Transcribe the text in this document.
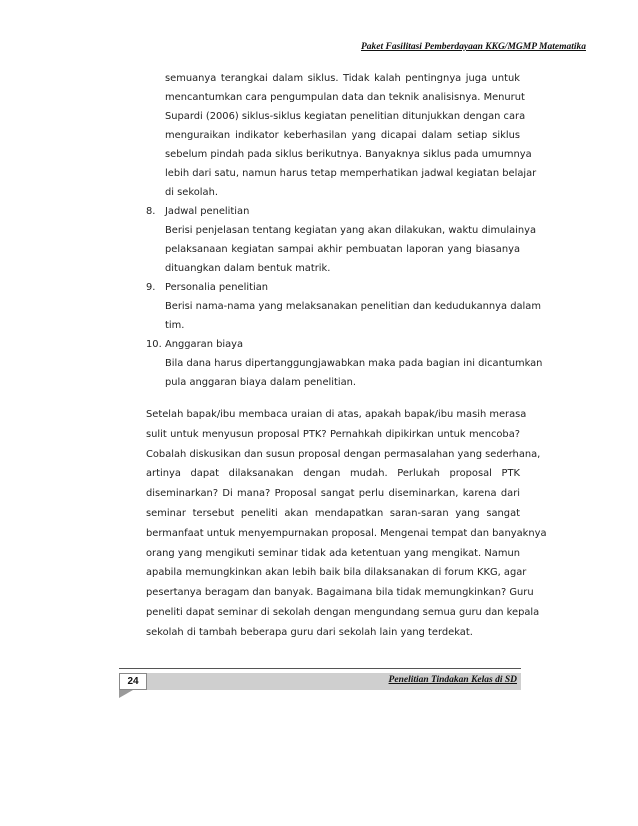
Paket Fasilitasi Pemberdayaan KKG/MGMP Matematika
semuanya terangkai dalam siklus. Tidak kalah pentingnya juga untuk
mencantumkan cara pengumpulan data dan teknik analisisnya. Menurut
Supardi (2006) siklus-siklus kegiatan penelitian ditunjukkan dengan cara
menguraikan indikator keberhasilan yang dicapai dalam setiap siklus
sebelum pindah pada siklus berikutnya. Banyaknya siklus pada umumnya
lebih dari satu, namun harus tetap memperhatikan jadwal kegiatan belajar
di sekolah.
8. Jadwal penelitian
Berisi penjelasan tentang kegiatan yang akan dilakukan, waktu dimulainya
pelaksanaan kegiatan sampai akhir pembuatan laporan yang biasanya
dituangkan dalam bentuk matrik.
9. Personalia penelitian
Berisi nama-nama yang melaksanakan penelitian dan kedudukannya dalam
tim.
10. Anggaran biaya
Bila dana harus dipertanggungjawabkan maka pada bagian ini dicantumkan
pula anggaran biaya dalam penelitian.
Setelah bapak/ibu membaca uraian di atas, apakah bapak/ibu masih merasa
sulit untuk menyusun proposal PTK? Pernahkah dipikirkan untuk mencoba?
Cobalah diskusikan dan susun proposal dengan permasalahan yang sederhana,
artinya dapat dilaksanakan dengan mudah. Perlukah proposal PTK
diseminarkan? Di mana? Proposal sangat perlu diseminarkan, karena dari
seminar tersebut peneliti akan mendapatkan saran-saran yang sangat
bermanfaat untuk menyempurnakan proposal. Mengenai tempat dan banyaknya
orang yang mengikuti seminar tidak ada ketentuan yang mengikat. Namun
apabila memungkinkan akan lebih baik bila dilaksanakan di forum KKG, agar
pesertanya beragam dan banyak. Bagaimana bila tidak memungkinkan? Guru
peneliti dapat seminar di sekolah dengan mengundang semua guru dan kepala
sekolah di tambah beberapa guru dari sekolah lain yang terdekat.
24	Penelitian Tindakan Kelas di SD
